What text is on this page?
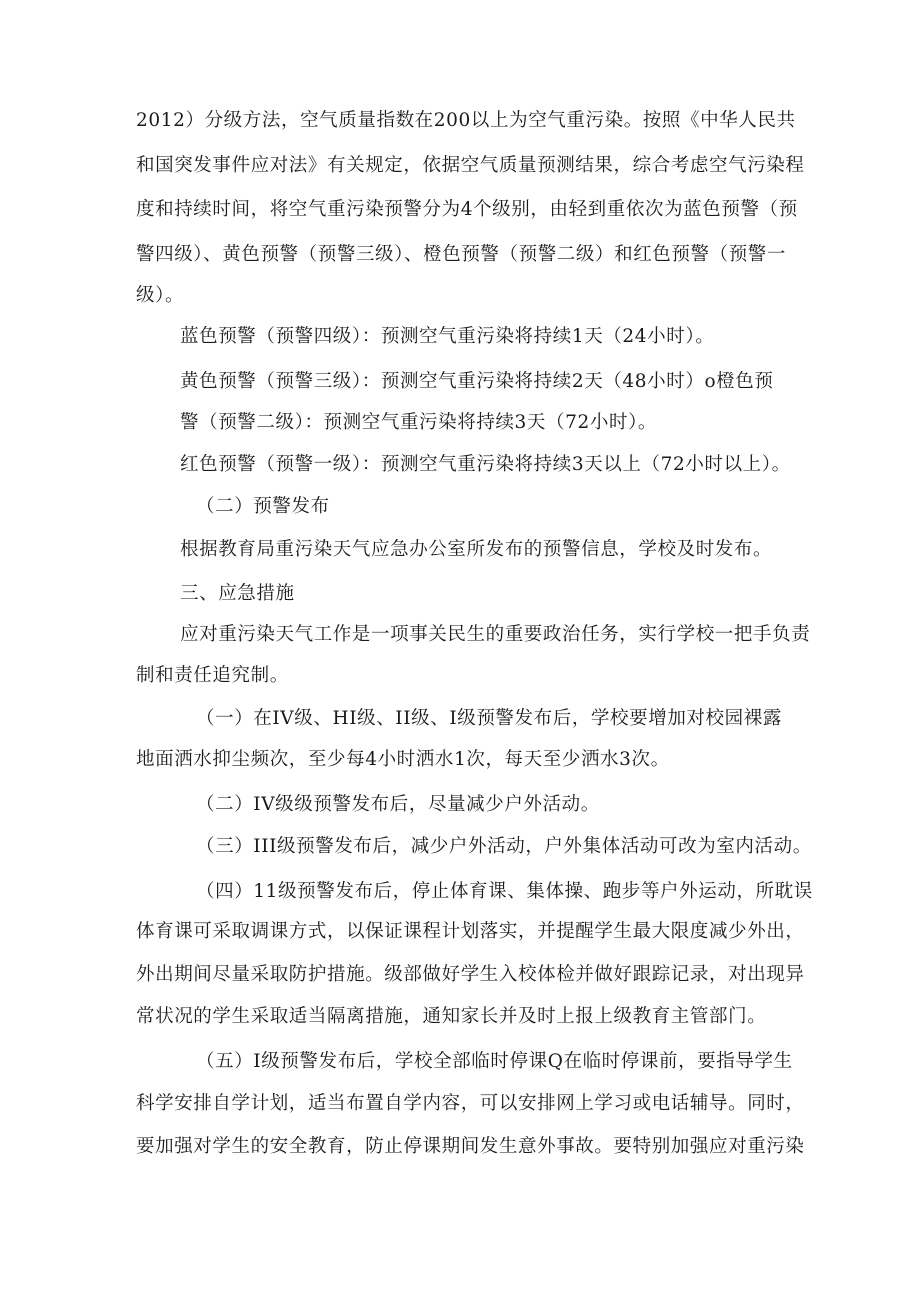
2012）分级方法，空气质量指数在200以上为空气重污染。按照《中华人民共
和国突发事件应对法》有关规定，依据空气质量预测结果，综合考虑空气污染程
度和持续时间，将空气重污染预警分为4个级别，由轻到重依次为蓝色预警（预
警四级）、黄色预警（预警三级）、橙色预警（预警二级）和红色预警（预警一
级）。
蓝色预警（预警四级）：预测空气重污染将持续1天（24小时）。
黄色预警（预警三级）：预测空气重污染将持续2天（48小时）o橙色预
警（预警二级）：预测空气重污染将持续3天（72小时）。
红色预警（预警一级）：预测空气重污染将持续3天以上（72小时以上）。
（二）预警发布
根据教育局重污染天气应急办公室所发布的预警信息，学校及时发布。
三、应急措施
应对重污染天气工作是一项事关民生的重要政治任务，实行学校一把手负责
制和责任追究制。
（一）在IV级、HI级、II级、I级预警发布后，学校要增加对校园裸露
地面洒水抑尘频次，至少每4小时洒水1次，每天至少洒水3次。
（二）IV级级预警发布后，尽量减少户外活动。
（三）III级预警发布后，减少户外活动，户外集体活动可改为室内活动。
（四）11级预警发布后，停止体育课、集体操、跑步等户外运动，所耽误
体育课可采取调课方式，以保证课程计划落实，并提醒学生最大限度减少外出，
外出期间尽量采取防护措施。级部做好学生入校体检并做好跟踪记录，对出现异
常状况的学生采取适当隔离措施，通知家长并及时上报上级教育主管部门。
（五）I级预警发布后，学校全部临时停课Q在临时停课前，要指导学生
科学安排自学计划，适当布置自学内容，可以安排网上学习或电话辅导。同时，
要加强对学生的安全教育，防止停课期间发生意外事故。要特别加强应对重污染
